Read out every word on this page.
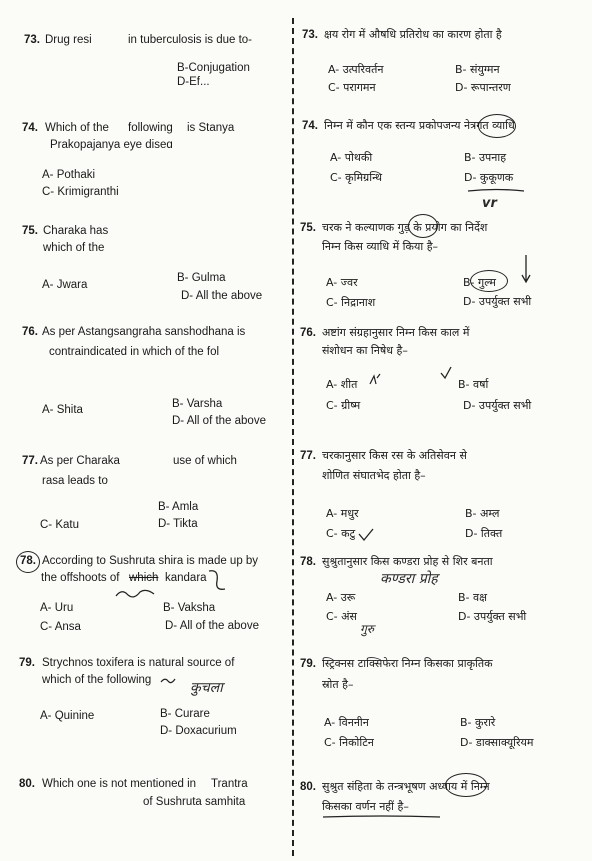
73. Drug resi	in tuberculosis is due to-
B-Conjugation
D-Ef...
74. Which of the following is Stanya
Prakopajanya eye diseɑ
A- Pothaki
C- Krimigranthi
75. Charaka has
which of the
A- Jwara
B- Gulma
D- All the above
76. As per Astangsangraha sanshodhana is
contraindicated in which of the fol
A- Shita	B- Varsha
D- All of the above
77. As per Charaka	use of which
rasa leads to
B- Amla
C- Katu	D- Tikta
78. According to Sushruta shira is made up by
the offshoots of which kandara
A- Uru	B- Vaksha
C- Ansa	D- All of the above
79. Strychnos toxifera is natural source of
which of the following
A- Quinine	B- Curare
D- Doxacurium
80. Which one is not mentioned in Trantra
of Sushruta samhita
73. क्षय रोग में औषधि प्रतिरोध का कारण होता है
A- उत्परिवर्तन	B- संयुग्मन
C- परागमन	D- रूपान्तरण
74. निम्न में कौन एक स्तन्य प्रकोपजन्य नेत्रगत व्याधि
A- पोथकी	B- उपनाह
C- कृमिग्रन्थि	D- कुकूणक
vr
75. चरक ने कल्याणक गुड़ के प्रयोग का निर्देश
निम्न किस व्याधि में किया है–
A- ज्वर	B- गुल्म
C- निद्रानाश	D- उपर्युक्त सभी
76. अष्टांग संग्रहानुसार निम्न किस काल में
संशोधन का निषेध है–
A- शीत	B- वर्षा
C- ग्रीष्म	D- उपर्युक्त सभी
77. चरकानुसार किस रस के अतिसेवन से
शोणित संघातभेद होता है–
A- मधुर	B- अम्ल
C- कटु	D- तिक्त
78. सुश्रुतानुसार किस कण्डरा प्रोह से शिर बनता
कण्डरा प्रोह
A- उरू	B- वक्ष
C- अंस
गुरु
D- उपर्युक्त सभी
79. स्ट्रिक्नस टाक्सिफेरा निम्न किसका प्राकृतिक
स्रोत है–
A- विननीन	B- कुरारे
C- निकोटिन	D- डाक्साक्यूरियम
80. सुश्रुत संहिता के तन्त्रभूषण अध्याय में निम्न
किसका वर्णन नहीं है–
कुचला
